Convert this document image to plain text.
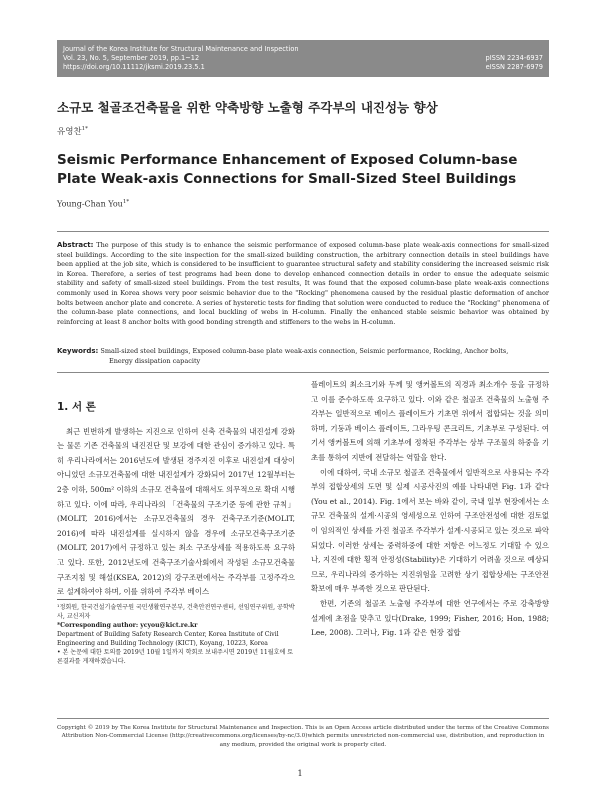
Journal of the Korea Institute for Structural Maintenance and Inspection
Vol. 23, No. 5, September 2019, pp.1~12
https://doi.org/10.11112/jksmi.2019.23.5.1
pISSN 2234-6937
eISSN 2287-6979
소규모 철골조건축물을 위한 약축방향 노출형 주각부의 내진성능 향상
유영찬$^{1*}$
Seismic Performance Enhancement of Exposed Column-base Plate Weak-axis Connections for Small-Sized Steel Buildings
Young-Chan You$^{1*}$
Abstract: The purpose of this study is to enhance the seismic performance of exposed column-base plate weak-axis connections for small-sized steel buildings. According to the site inspection for the small-sized building construction, the arbitrary connection details in steel buildings have been applied at the job site, which is considered to be insufficient to guarantee structural safety and stability considering the increased seismic risk in Korea. Therefore, a series of test programs had been done to develop enhanced connection details in order to ensue the adequate seismic stability and safety of small-sized steel buildings. From the test results, It was found that the exposed column-base plate weak-axis connections commonly used in Korea shows very poor seismic behavior due to the "Rocking" phenomena caused by the residual plastic deformation of anchor bolts between anchor plate and concrete. A series of hysteretic tests for finding that solution were conducted to reduce the "Rocking" phenomena of the column-base plate connections, and local buckling of webs in H-column. Finally the enhanced stable seismic behavior was obtained by reinforcing at least 8 anchor bolts with good bonding strength and stiffeners to the webs in H-column.
Keywords: Small-sized steel buildings, Exposed column-base plate weak-axis connection, Seismic performance, Rocking, Anchor bolts,
Energy dissipation capacity

1. 서 론

최근 빈번하게 발생하는 지진으로 인하여 신축 건축물의 내진설계 강화는 물론 기존 건축물의 내진진단 및 보강에 대한 관심이 증가하고 있다. 특히 우리나라에서는 2016년도에 발생된 경주지진 이후로 내진설계 대상이 아니었던 소규모건축물에 대한 내진설계가 강화되어 2017년 12월부터는 2층 이하, 500m² 이하의 소규모 건축물에 대해서도 의무적으로 확대 시행하고 있다. 이에 따라, 우리나라의 「건축물의 구조기준 등에 관한 규칙」(MOLIT, 2016)에서는 소규모건축물의 경우 건축구조기준(MOLIT, 2016)에 따라 내진설계를 실시하지 않을 경우에 소규모건축구조기준(MOLIT, 2017)에서 규정하고 있는 최소 구조상세를 적용하도록 요구하고 있다. 또한, 2012년도에 건축구조기술사회에서 작성된 소규모건축물 구조지침 및 해설(KSEA, 2012)의 강구조편에서는 주각부를 고정주각으로 설계하여야 하며, 이를 위하여 주각부 베이스

플레이트의 최소크기와 두께 및 앵커볼트의 직경과 최소개수 등을 규정하고 이를 준수하도록 요구하고 있다. 이와 같은 철골조 건축물의 노출형 주각부는 일반적으로 베이스 플레이트가 기초면 위에서 접합되는 것을 의미하며, 기둥과 베이스 플레이트, 그라우팅 콘크리트, 기초부로 구성된다. 여기서 앵커볼트에 의해 기초부에 정착된 주각부는 상부 구조물의 하중을 기초를 통하여 지반에 전달하는 역할을 한다.

이에 대하여, 국내 소규모 철골조 건축물에서 일반적으로 사용되는 주각부의 접합상세의 도면 및 실제 시공사진의 예를 나타내면 Fig. 1과 같다(You et al., 2014). Fig. 1에서 보는 바와 같이, 국내 일부 현장에서는 소규모 건축물의 설계·시공의 영세성으로 인하여 구조안전성에 대한 검토없이 임의적인 상세를 가진 철골조 주각부가 설계·시공되고 있는 것으로 파악되었다. 이러한 상세는 중력하중에 대한 저항은 어느정도 기대할 수 있으나, 지진에 대한 횡적 안정성(Stability)은 기대하기 어려울 것으로 예상되므로, 우리나라의 증가하는 지진위험을 고려한 상기 접합상세는 구조안전 확보에 매우 부족한 것으로 판단된다.

한편, 기존의 철골조 노출형 주각부에 대한 연구에서는 주로 강축방향 설계에 초점을 맞추고 있다(Drake, 1999; Fisher, 2016; Hon, 1988; Lee, 2008). 그러나, Fig. 1과 같은 현장 접합

¹정회원, 한국건설기술연구원 국민생활연구본부, 건축안전연구센터, 선임연구위원, 공학박사, 교신저자
*Corresponding author: ycyou@kict.re.kr
Department of Building Safety Research Center, Korea Institute of Civil Engineering and Building Technology (KICT), Koyang, 10223, Korea
• 본 논문에 대한 토의를 2019년 10월 1일까지 학회로 보내주시면 2019년 11월호에 토론결과를 게재하겠습니다.
Copyright © 2019 by The Korea Institute for Structural Maintenance and Inspection. This is an Open Access article distributed under the terms of the Creative Commons Attribution Non-Commercial License (http://creativecommons.org/licenses/by-nc/3.0)which permits unrestricted non-commercial use, distribution, and reproduction in any medium, provided the original work is properly cited.
1
